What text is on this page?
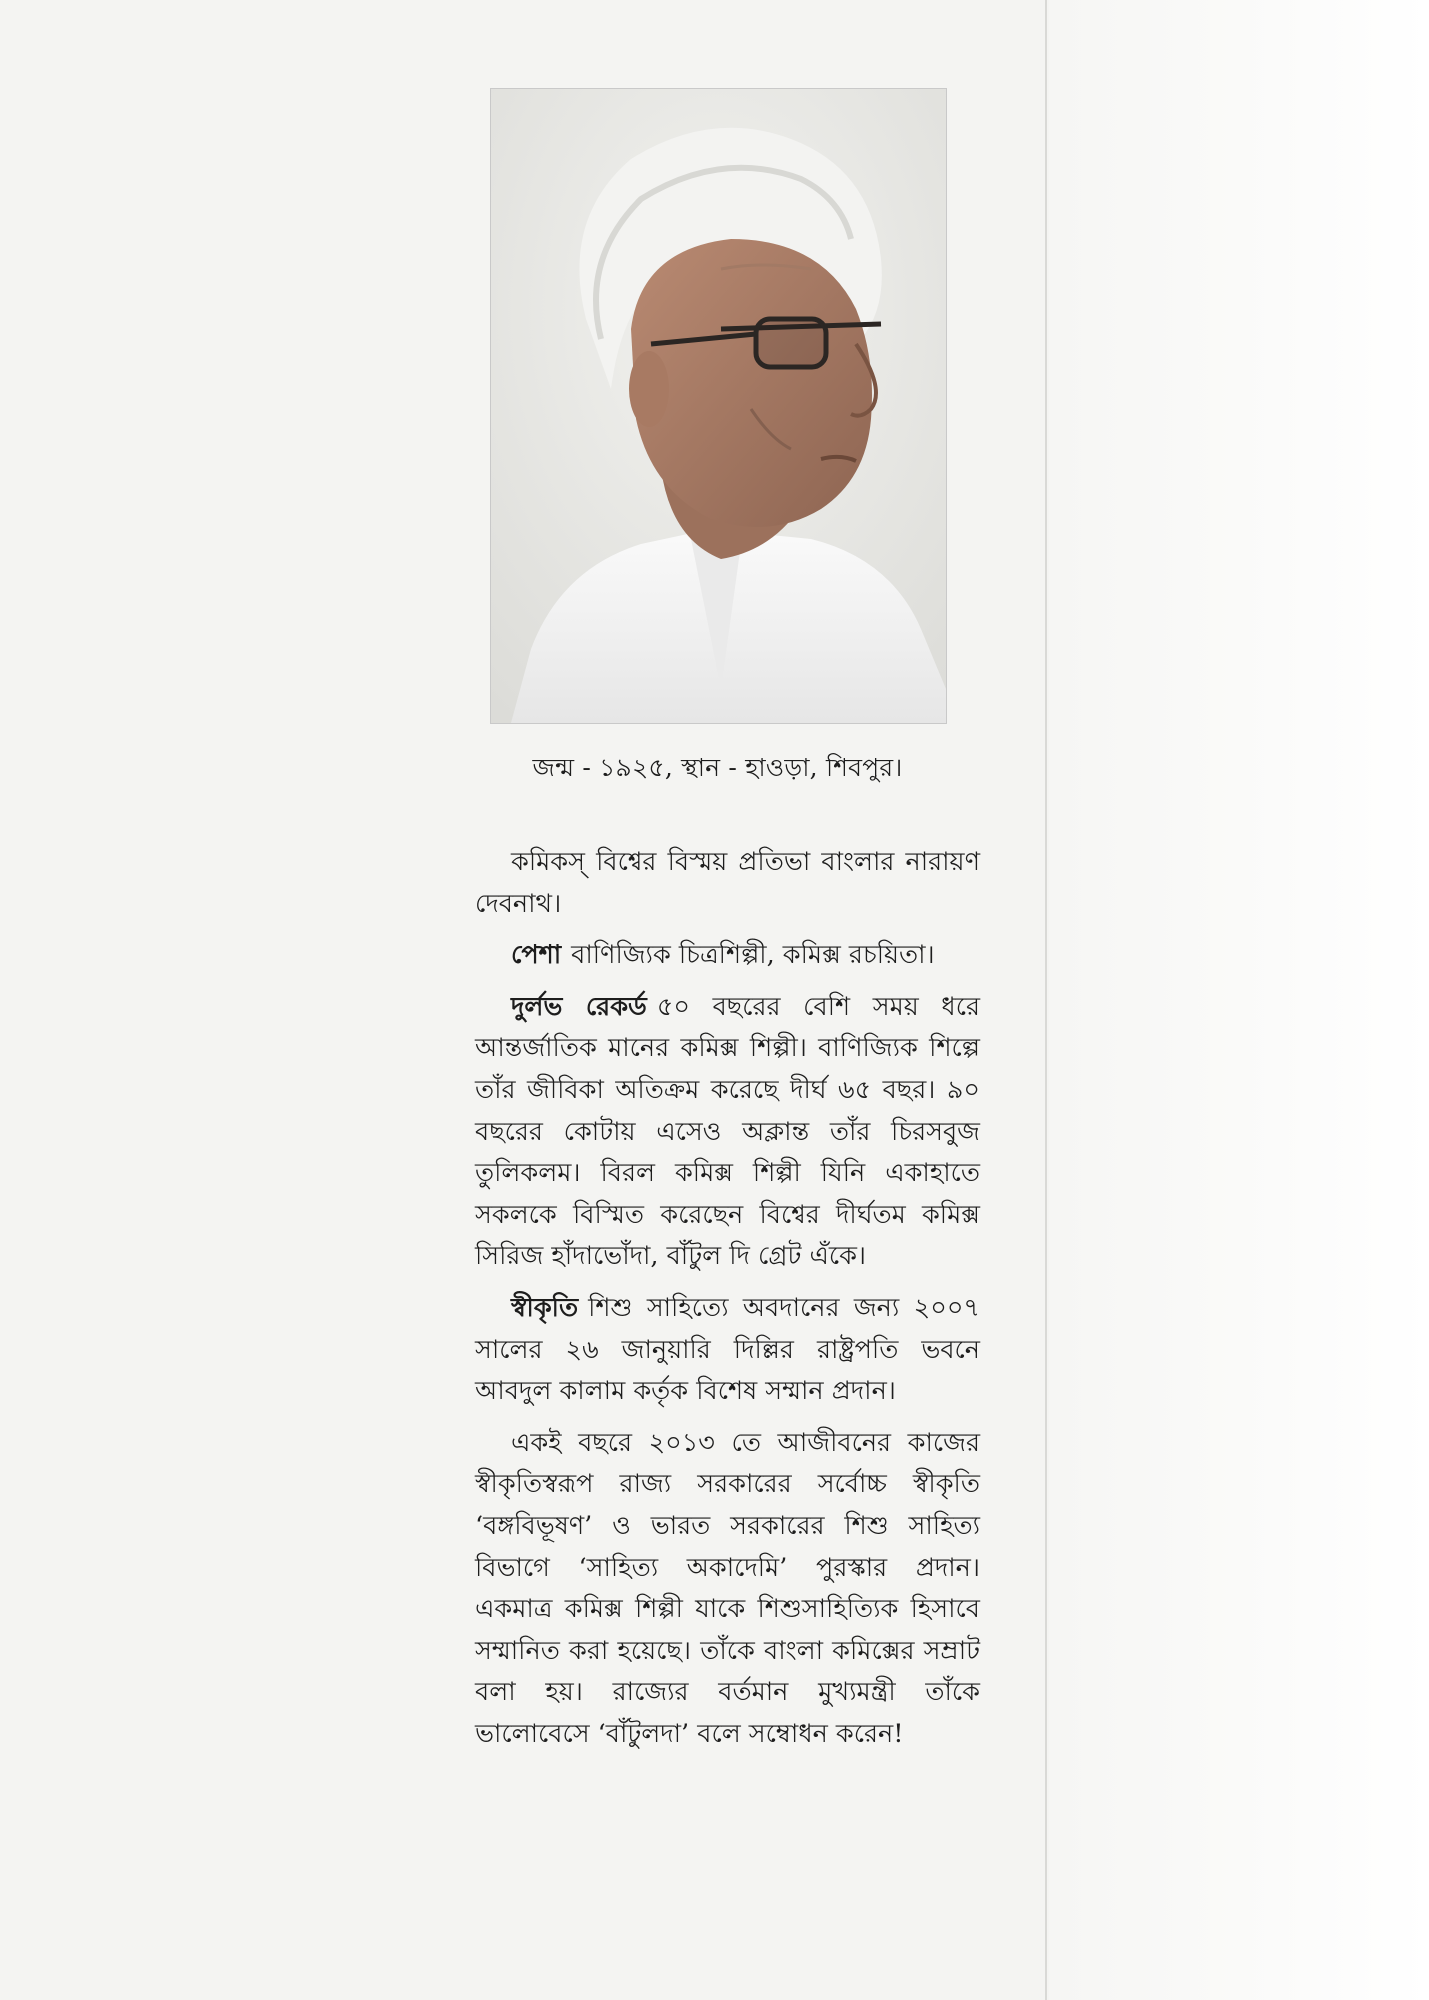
জন্ম - ১৯২৫, স্থান - হাওড়া, শিবপুর।

কমিকস্ বিশ্বের বিস্ময় প্রতিভা বাংলার নারায়ণ দেবনাথ।

পেশা বাণিজ্যিক চিত্রশিল্পী, কমিক্স রচয়িতা।

দুর্লভ রেকর্ড ৫০ বছরের বেশি সময় ধরে আন্তর্জাতিক মানের কমিক্স শিল্পী। বাণিজ্যিক শিল্পে তাঁর জীবিকা অতিক্রম করেছে দীর্ঘ ৬৫ বছর। ৯০ বছরের কোটায় এসেও অক্লান্ত তাঁর চিরসবুজ তুলিকলম। বিরল কমিক্স শিল্পী যিনি একাহাতে সকলকে বিস্মিত করেছেন বিশ্বের দীর্ঘতম কমিক্স সিরিজ হাঁদাভোঁদা, বাঁটুল দি গ্রেট এঁকে।

স্বীকৃতি শিশু সাহিত্যে অবদানের জন্য ২০০৭ সালের ২৬ জানুয়ারি দিল্লির রাষ্ট্রপতি ভবনে আবদুল কালাম কর্তৃক বিশেষ সম্মান প্রদান।

একই বছরে ২০১৩ তে আজীবনের কাজের স্বীকৃতিস্বরূপ রাজ্য সরকারের সর্বোচ্চ স্বীকৃতি ‘বঙ্গবিভূষণ’ ও ভারত সরকারের শিশু সাহিত্য বিভাগে ‘সাহিত্য অকাদেমি’ পুরস্কার প্রদান। একমাত্র কমিক্স শিল্পী যাকে শিশুসাহিত্যিক হিসাবে সম্মানিত করা হয়েছে। তাঁকে বাংলা কমিক্সের সম্রাট বলা হয়। রাজ্যের বর্তমান মুখ্যমন্ত্রী তাঁকে ভালোবেসে ‘বাঁটুলদা’ বলে সম্বোধন করেন!
